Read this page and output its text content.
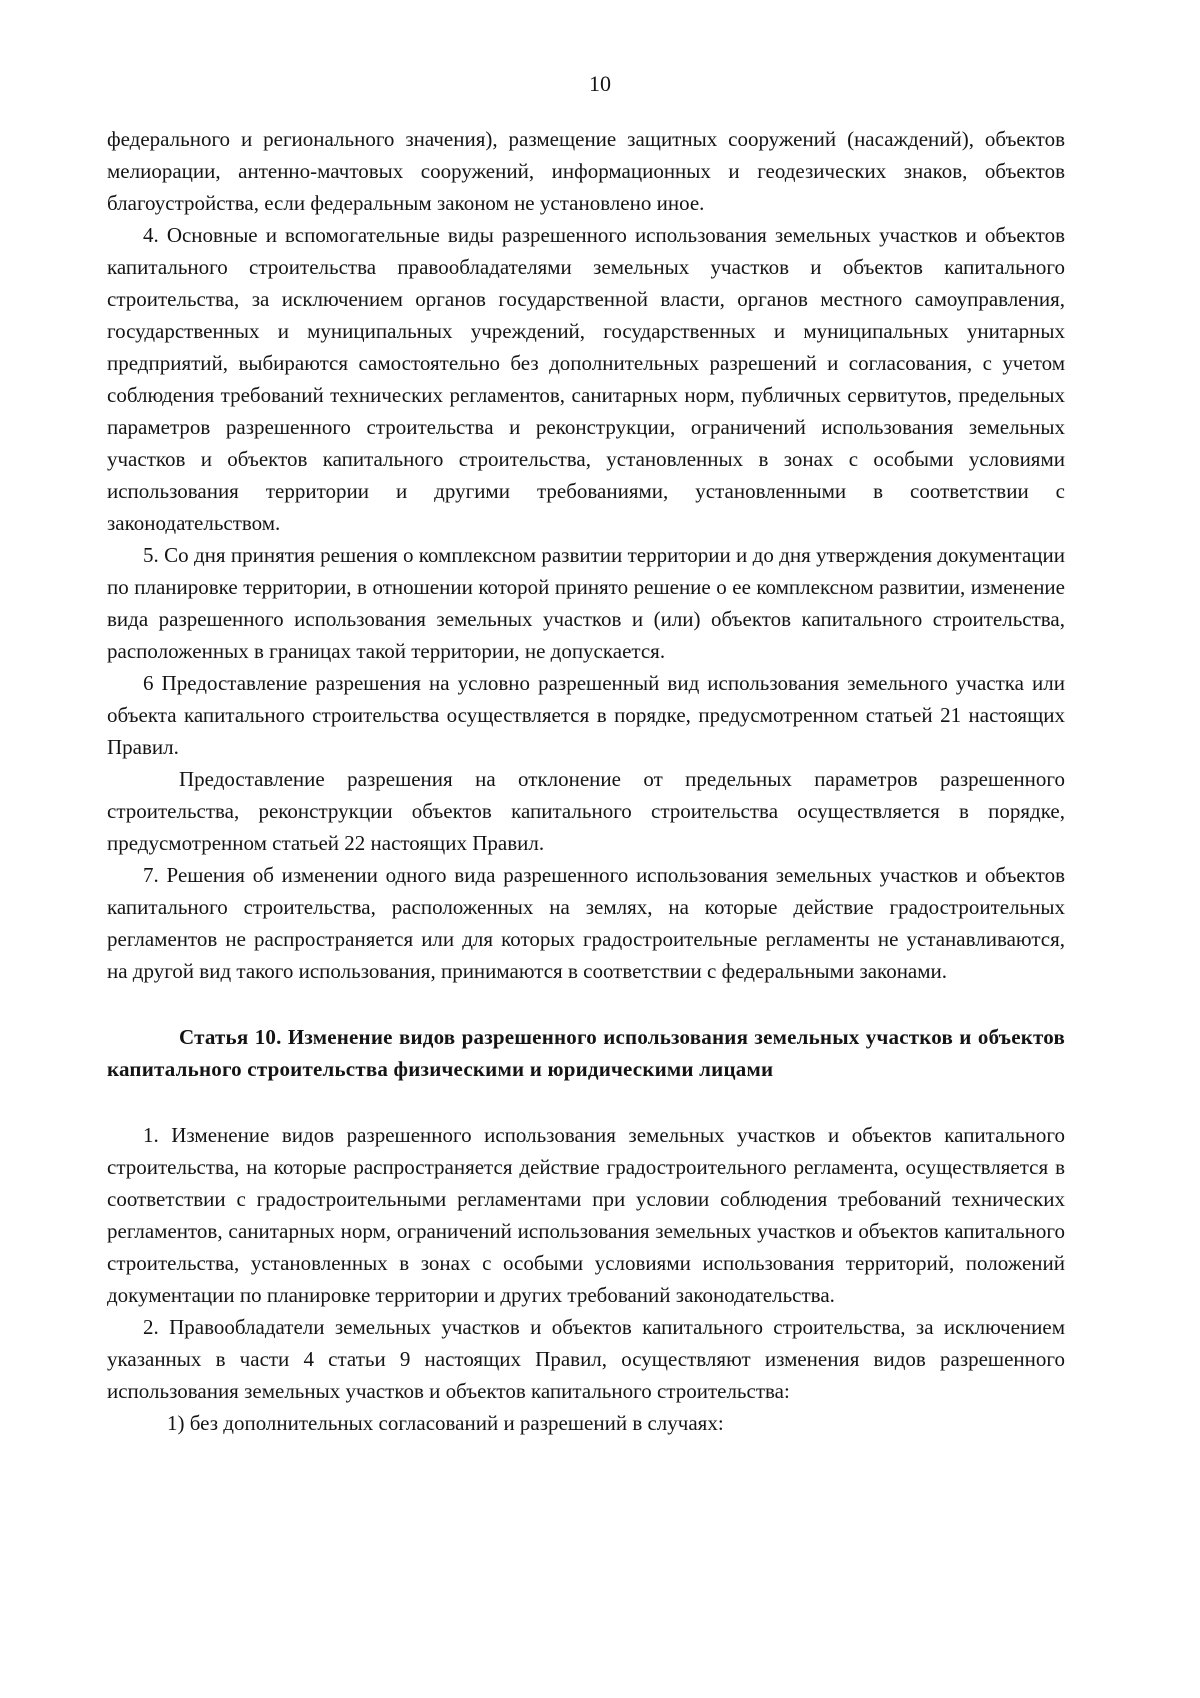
10

федерального и регионального значения), размещение защитных сооружений (насаждений), объектов мелиорации, антенно-мачтовых сооружений, информационных и геодезических знаков, объектов благоустройства, если федеральным законом не установлено иное.

4. Основные и вспомогательные виды разрешенного использования земельных участков и объектов капитального строительства правообладателями земельных участков и объектов капитального строительства, за исключением органов государственной власти, органов местного самоуправления, государственных и муниципальных учреждений, государственных и муниципальных унитарных предприятий, выбираются самостоятельно без дополнительных разрешений и согласования, с учетом соблюдения требований технических регламентов, санитарных норм, публичных сервитутов, предельных параметров разрешенного строительства и реконструкции, ограничений использования земельных участков и объектов капитального строительства, установленных в зонах с особыми условиями использования территории и другими требованиями, установленными в соответствии с законодательством.

5. Со дня принятия решения о комплексном развитии территории и до дня утверждения документации по планировке территории, в отношении которой принято решение о ее комплексном развитии, изменение вида разрешенного использования земельных участков и (или) объектов капитального строительства, расположенных в границах такой территории, не допускается.

6 Предоставление разрешения на условно разрешенный вид использования земельного участка или объекта капитального строительства осуществляется в порядке, предусмотренном статьей 21 настоящих Правил.

Предоставление разрешения на отклонение от предельных параметров разрешенного строительства, реконструкции объектов капитального строительства осуществляется в порядке, предусмотренном статьей 22 настоящих Правил.

7. Решения об изменении одного вида разрешенного использования земельных участков и объектов капитального строительства, расположенных на землях, на которые действие градостроительных регламентов не распространяется или для которых градостроительные регламенты не устанавливаются, на другой вид такого использования, принимаются в соответствии с федеральными законами.

Статья 10. Изменение видов разрешенного использования земельных участков и объектов капитального строительства физическими и юридическими лицами

1. Изменение видов разрешенного использования земельных участков и объектов капитального строительства, на которые распространяется действие градостроительного регламента, осуществляется в соответствии с градостроительными регламентами при условии соблюдения требований технических регламентов, санитарных норм, ограничений использования земельных участков и объектов капитального строительства, установленных в зонах с особыми условиями использования территорий, положений документации по планировке территории и других требований законодательства.

2. Правообладатели земельных участков и объектов капитального строительства, за исключением указанных в части 4 статьи 9 настоящих Правил, осуществляют изменения видов разрешенного использования земельных участков и объектов капитального строительства:

1) без дополнительных согласований и разрешений в случаях:
